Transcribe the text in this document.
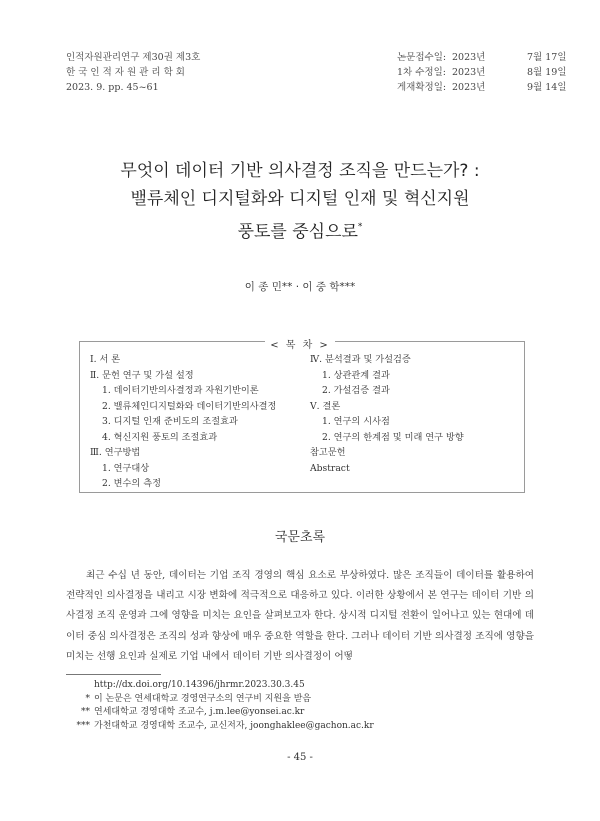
인적자원관리연구 제30권 제3호
한 국 인 적 자 원 관 리 학 회
2023. 9. pp. 45~61
논문접수일: 2023년	7월 17일
1차 수정일: 2023년	8월 19일
게재확정일: 2023년	9월 14일
무엇이 데이터 기반 의사결정 조직을 만드는가? :
밸류체인 디지털화와 디지털 인재 및 혁신지원
풍토를 중심으로*
이 종 민** · 이 중 학***
< 목 차 >
Ⅰ. 서 론
Ⅱ. 문헌 연구 및 가설 설정
1. 데이터기반의사결정과 자원기반이론
2. 밸류체인디지털화와 데이터기반의사결정
3. 디지털 인재 준비도의 조절효과
4. 혁신지원 풍토의 조절효과
Ⅲ. 연구방법
1. 연구대상
2. 변수의 측정
Ⅳ. 분석결과 및 가설검증
1. 상관관계 결과
2. 가설검증 결과
Ⅴ. 결론
1. 연구의 시사점
2. 연구의 한계점 및 미래 연구 방향
참고문헌
Abstract
국문초록

최근 수십 년 동안, 데이터는 기업 조직 경영의 핵심 요소로 부상하였다. 많은 조직들이 데이터를 활용하여 전략적인 의사결정을 내리고 시장 변화에 적극적으로 대응하고 있다. 이러한 상황에서 본 연구는 데이터 기반 의사결정 조직 운영과 그에 영향을 미치는 요인을 살펴보고자 한다. 상시적 디지털 전환이 일어나고 있는 현대에 데이터 중심 의사결정은 조직의 성과 향상에 매우 중요한 역할을 한다. 그러나 데이터 기반 의사결정 조직에 영향을 미치는 선행 요인과 실제로 기업 내에서 데이터 기반 의사결정이 어떻

http://dx.doi.org/10.14396/jhrmr.2023.30.3.45
* 이 논문은 연세대학교 경영연구소의 연구비 지원을 받음
** 연세대학교 경영대학 조교수, j.m.lee@yonsei.ac.kr
*** 가천대학교 경영대학 조교수, 교신저자, joonghaklee@gachon.ac.kr
- 45 -
